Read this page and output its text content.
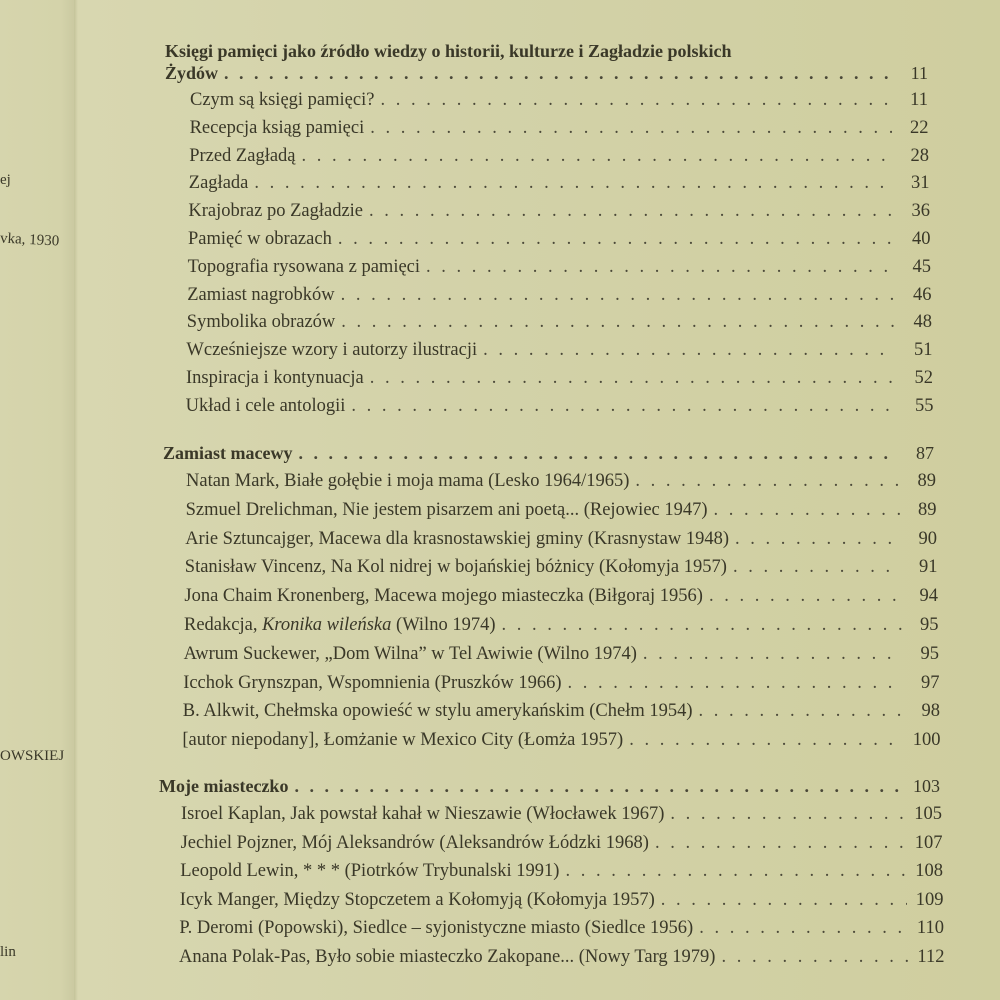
ej
vka, 1930
OWSKIEJ
lin
Księgi pamięci jako źródło wiedzy o historii, kulturze i Zagładzie polskich
Żydów . . .	11
Czym są księgi pamięci? . . .	11
Recepcja ksiąg pamięci . . .	22
Przed Zagładą . . .	28
Zagłada . . .	31
Krajobraz po Zagładzie . . .	36
Pamięć w obrazach . . .	40
Topografia rysowana z pamięci . . .	45
Zamiast nagrobków . . .	46
Symbolika obrazów . . .	48
Wcześniejsze wzory i autorzy ilustracji . . .	51
Inspiracja i kontynuacja . . .	52
Układ i cele antologii . . .	55
Zamiast macewy . . .	87
Natan Mark, Białe gołębie i moja mama (Lesko 1964/1965) . . .	89
Szmuel Drelichman, Nie jestem pisarzem ani poetą... (Rejowiec 1947) . . .	89
Arie Sztuncajger, Macewa dla krasnostawskiej gminy (Krasnystaw 1948) . . .	90
Stanisław Vincenz, Na Kol nidrej w bojańskiej bóżnicy (Kołomyja 1957) . . .	91
Jona Chaim Kronenberg, Macewa mojego miasteczka (Biłgoraj 1956) . . .	94
Redakcja, Kronika wileńska (Wilno 1974) . . .	95
Awrum Suckewer, „Dom Wilna” w Tel Awiwie (Wilno 1974) . . .	95
Icchok Grynszpan, Wspomnienia (Pruszków 1966) . . .	97
B. Alkwit, Chełmska opowieść w stylu amerykańskim (Chełm 1954) . . .	98
[autor niepodany], Łomżanie w Mexico City (Łomża 1957) . . .	100
Moje miasteczko . . .	103
Isroel Kaplan, Jak powstał kahał w Nieszawie (Włocławek 1967) . . .	105
Jechiel Pojzner, Mój Aleksandrów (Aleksandrów Łódzki 1968) . . .	107
Leopold Lewin, * * * (Piotrków Trybunalski 1991) . . .	108
Icyk Manger, Między Stopczetem a Kołomyją (Kołomyja 1957) . . .	109
P. Deromi (Popowski), Siedlce – syjonistyczne miasto (Siedlce 1956) . . .	110
Anana Polak-Pas, Było sobie miasteczko Zakopane... (Nowy Targ 1979) . . .	112
